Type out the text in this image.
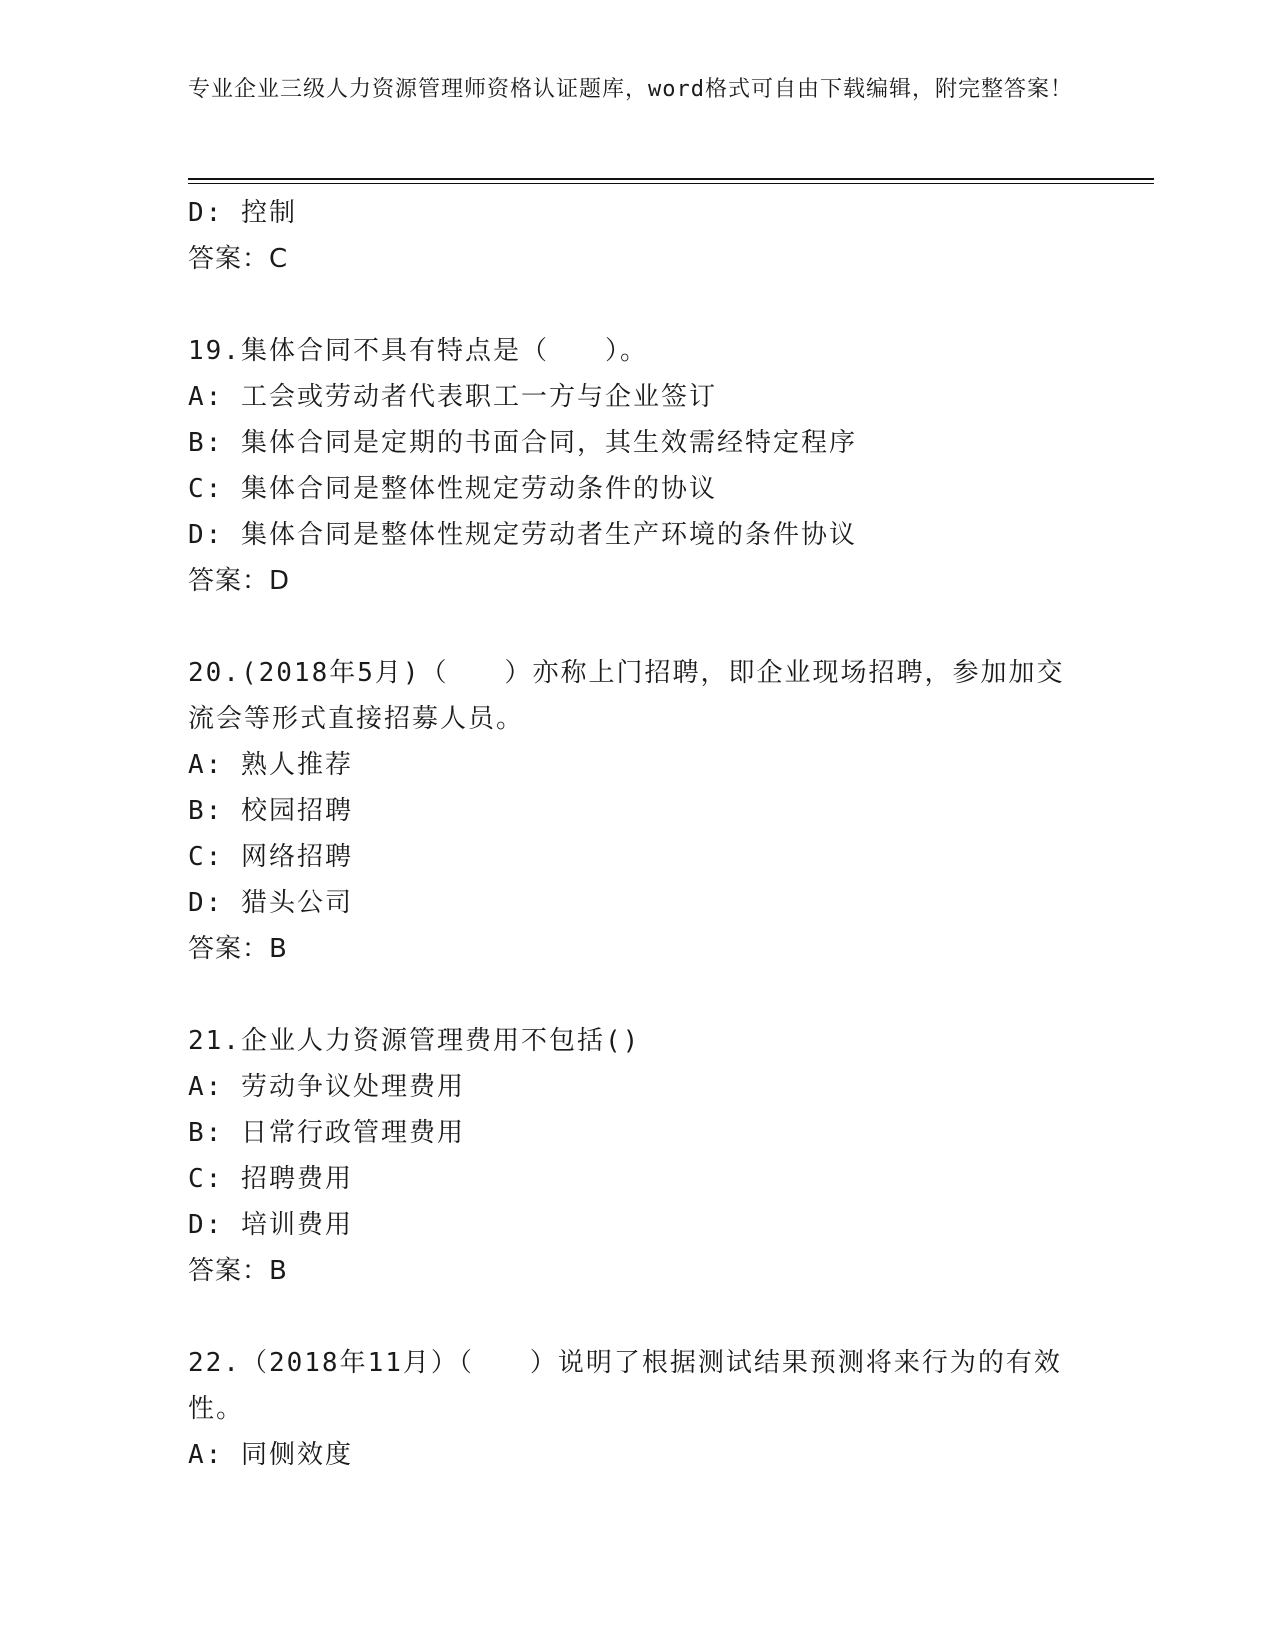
专业企业三级人力资源管理师资格认证题库，word格式可自由下载编辑，附完整答案！
D: 控制
答案：C
19.集体合同不具有特点是（　　）。
A: 工会或劳动者代表职工一方与企业签订
B: 集体合同是定期的书面合同，其生效需经特定程序
C: 集体合同是整体性规定劳动条件的协议
D: 集体合同是整体性规定劳动者生产环境的条件协议
答案：D
20.(2018年5月)（　　）亦称上门招聘，即企业现场招聘，参加加交流会等形式直接招募人员。
A: 熟人推荐
B: 校园招聘
C: 网络招聘
D: 猎头公司
答案：B
21.企业人力资源管理费用不包括()
A: 劳动争议处理费用
B: 日常行政管理费用
C: 招聘费用
D: 培训费用
答案：B
22.（2018年11月）（　　）说明了根据测试结果预测将来行为的有效性。
A: 同侧效度
